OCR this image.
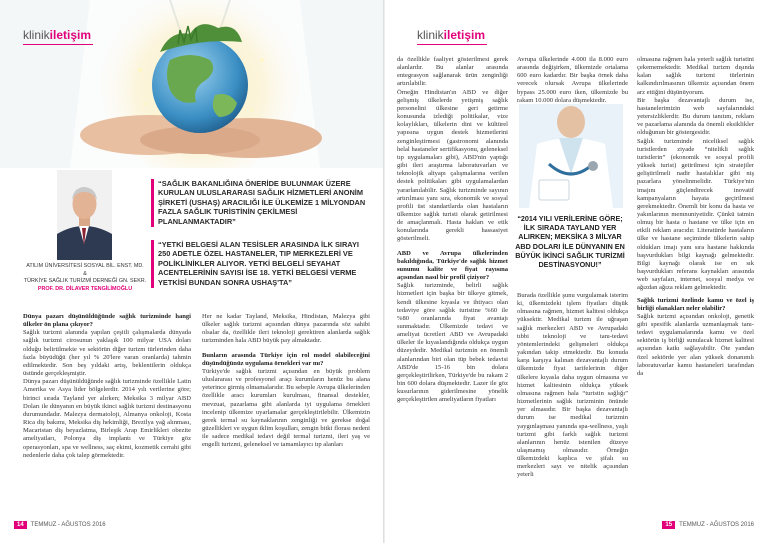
klinikiletişim
ATILIM ÜNİVERSİTESİ SOSYAL BİL. ENST. MD.
&
TÜRKİYE SAĞLIK TURİZMİ DERNEĞİ GN. SEKR.
PROF. DR. DİLAVER TENGİLİMOĞLU
“SAĞLIK BAKANLIĞINA ÖNERİDE BULUNMAK ÜZERE KURULAN ULUSLARARASI SAĞLIK HİZMETLERİ ANONİM ŞİRKETİ (USHAŞ) ARACILIĞI İLE ÜLKEMİZE 1 MİLYONDAN FAZLA SAĞLIK TURİSTİNİN ÇEKİLMESİ PLANLANMAKTADIR”
“YETKİ BELGESİ ALAN TESİSLER ARASINDA İLK SIRAYI 250 ADETLE ÖZEL HASTANELER, TIP MERKEZLERİ VE POLİKLİNİKLER ALIYOR. YETKİ BELGELİ SEYAHAT ACENTELERİNİN SAYISI İSE 18. YETKİ BELGESİ VERME YETKİSİ BUNDAN SONRA USHAŞ'TA”

Dünya pazarı düşünüldüğünde sağlık turizminde hangi ülkeler ön plana çıkıyor?

Sağlık turizmi alanında yapılan çeşitli çalışmalarda dünyada sağlık turizmi cirosunun yaklaşık 100 milyar USA doları olduğu belirtilmekte ve sektörün diğer turizm türlerinden daha fazla büyüdüğü (her yıl % 20'lere varan oranlarda) tahmin edilmektedir. Son beş yıldaki artış, beklentilerin oldukça üstünde gerçekleşmiştir.

Dünya pazarı düşünüldüğünde sağlık turizminde özellikle Latin Amerika ve Asya lider bölgelerdir. 2014 yılı verilerine göre; birinci sırada Tayland yer alırken; Meksika 3 milyar ABD Doları ile dünyanın en büyük ikinci sağlık turizmi destinasyonu durumundadır. Malezya dermatoloji, Almanya onkoloji, Kosta Rica diş bakımı, Meksika diş hekimliği, Brezilya yağ alınması, Macaristan diş beyazlatma, Birleşik Arap Emirlikleri obezite ameliyatları, Polonya diş implantı ve Türkiye göz operasyonları, spa ve wellness, saç ekimi, kozmetik cerrahi gibi nedenlerle daha çok talep görmektedir.

Her ne kadar Tayland, Meksika, Hindistan, Malezya gibi ülkeler sağlık turizmi açısından dünya pazarında söz sahibi olsalar da, özellikle ileri teknoloji gerektiren alanlarda sağlık turizminden hala ABD büyük pay almaktadır.

Bunların arasında Türkiye için rol model olabileceğini düşündüğünüz uygulama örnekleri var mı?

Türkiye'de sağlık turizmi açısından en büyük problem uluslararası ve profesyonel araçı kurumların henüz bu alana yeterince girmiş olmamalarıdır. Bu sebeple Avrupa ülkelerinden özellikle aracı kurumları kurulması, finansal destekler, mevzuat, pazarlama gibi alanlarda iyi uygulama örnekleri incelenip ülkemize uyarlamalar gerçekleştirilebilir. Ülkemizin gerek termal su kaynaklarının zenginliği ve gerekse doğal güzellikleri ve uygun iklim koşulları, zengin bitki florası nedeni ile sadece medikal tedavi değil termal turizmi, ileri yaş ve engelli turizmi, geleneksel ve tamamlayıcı tıp alanları

14 TEMMUZ - AĞUSTOS 2016
klinikiletişim

da özellikle faaliyet gösterilmesi gerek alanlardır. Bu alanlar arasında entegrasyon sağlanarak ürün zenginliği artırılabilir.

Örneğin Hindistan'ın ABD ve diğer gelişmiş ülkelerde yetişmiş sağlık personelini ülkesine geri getirme konusunda izlediği politikalar, vize kolaylıkları, ülkelerin dini ve kültürel yapısına uygun destek hizmetlerini zenginleştirmesi (gastronomi alanında helal hastaneler sertifikasyonu, geleneksel tıp uygulamaları gibi), ABD'nin yaptığı gibi ileri araştırma laboratuvarları ve teknolojik altyapı çalışmalarına verilen destek politikaları gibi uygulamalardan yararlanılabilir. Sağlık turizminde sayının artırılması yanı sıra, ekonomik ve sosyal profili üst standartlarda olan hastaların ülkemize sağlık turisti olarak getirilmesi de amaçlanmalı. Hasta hakları ve etik konularında gerekli hassasiyet gösterilmeli.

ABD ve Avrupa ülkelerinden bakıldığında, Türkiye'de sağlık hizmet sunumu kalite ve fiyat rayısına açısından nasıl bir profil çiziyor?

Sağlık turizminde, belirli sağlık hizmetleri için başka bir ülkeye gitmek, kendi ülkesine kıyasla ve ihtiyacı olan tedaviye göre sağlık turistine %60 ile %80 oranlarında fiyat avantajı sunmaktadır. Ülkemizde tedavi ve ameliyat ücretleri ABD ve Avrupadaki ülkeler ile kıyaslandığında oldukça uygun düzeydedir. Medikal turizmin en önemli alanlarından biri olan tüp bebek tedavisi ABD'de 15-16 bin dolara gerçekleştirilirken, Türkiye'de bu rakam 2 bin 600 dolara düşmektedir. Lazer ile göz kusurlarının giderilmesine yönelik gerçekleştirilen ameliyatların fiyatları

Avrupa ülkelerinde 4.000 ila 8.000 euro arasında değişirken, ülkemizde ortalama 600 euro kadardır. Bir başka örnek daha verecek olursak Avrupa ülkelerinde bypass 25.000 euro iken, ülkemizde bu rakam 10.000 dolara düşmektedir.

Burada özellikle şunu vurgulamak isterim ki, ülkemizdeki işlem fiyatları düşük olmasına rağmen, hizmet kalitesi oldukça yüksektir. Medikal turizm ile uğraşan sağlık merkezleri ABD ve Avrupadaki tıbbi teknoloji ve tanı-tedavi yöntemlerindeki gelişmeleri oldukça yakından takip etmektedir. Bu konuda karşı karşıya kalınan dezavantajlı durum ülkemizde fiyat tarifelerinin diğer ülkelere kıyasla daha uygun olmasına ve hizmet kalitesinin oldukça yüksek olmasına rağmen hala “turistin sağlığı” hizmetlerinin sağlık turizminin önünde yer almasıdır. Bir başka dezavantajlı durum ise medikal turizmin yaygınlaşması yanında spa-wellness, yaşlı turizmi gibi farklı sağlık turizmi alanlarının henüz istenilen düzeye ulaşmamış olmasıdır. Örneğin ülkemizdeki kaplıca ve şifalı su merkezleri sayı ve nitelik açısından yeterli

olmasına rağmen hala yeterli sağlık turistini çekememektedir. Medikal turizm dışında kalan sağlık turizmi türlerinin kalkındırılmasının ülkemiz açısından önem arz ettiğini düşünüyorum.

Bir başka dezavantajlı durum ise, hastanelerimizin web sayfalarındaki yetersizliklerdir. Bu durum tanıtım, reklam ve pazarlama alanında da önemli eksiklikler olduğunun bir göstergesidir.

Sağlık turizminde niceliksel sağlık turistlerden ziyade “nitelikli sağlık turistlerin” (ekonomik ve sosyal profili yüksek turist) getirilmesi için stratejiler geliştirilmeli nadir hastalıklar gibi niş pazarlara yönelinmelidir. Türkiye'nin imajını güçlendirecek inovatif kampanyaların hayata geçirilmesi gerekmektedir. Önemli bir konu da hasta ve yakınlarının memnuniyetidir. Çünkü tatmin olmuş bir hasta o hastane ve ülke için en etkili reklam aracıdır. Literatürde hastaların ülke ve hastane seçiminde ülkelerin sahip oldukları imajı yanı sıra hastane hakkında başvurdukları bilgi kaynağı gelmektedir. Bilgi kaynağı olarak ise en sık başvurdukları referans kaynakları arasında web sayfaları, internet, sosyal medya ve ağızdan ağıza reklam gelmektedir.

Sağlık turizmi özelinde kamu ve özel iş birliği olanakları neler olabilir?

Sağlık turizmi açısından onkoloji, genetik gibi spesifik alanlarda uzmanlaşmak tanı-tedavi uygulamalarında kamu ve özel sektörün iş birliği sunulacak hizmet kalitesi açısından katkı sağlayabilir. Öte yandan özel sektörde yer alan yüksek donanımlı laboratuvarlar kamu hastaneleri tarafından da

15 TEMMUZ - AĞUSTOS 2016
“2014 YILI VERİLERİNE GÖRE; İLK SIRADA TAYLAND YER ALIRKEN; MEKSİKA 3 MİLYAR ABD DOLARI İLE DÜNYANIN EN BÜYÜK İKİNCİ SAĞLIK TURİZMİ DESTİNASYONU!”
